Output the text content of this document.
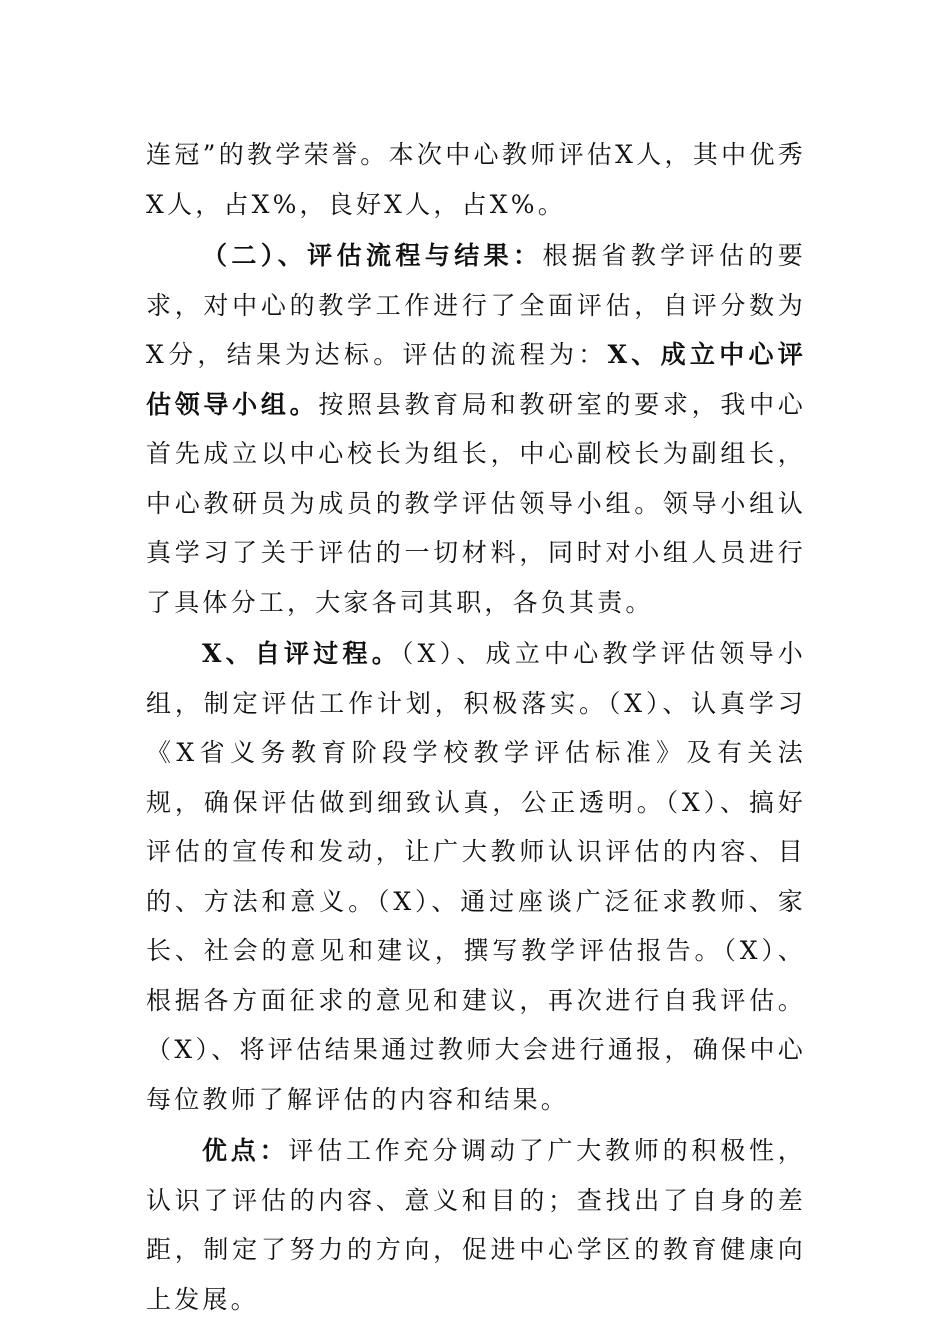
连冠”的教学荣誉。本次中心教师评估X人，其中优秀X人，占X%，良好X人，占X%。

（二）、评估流程与结果：根据省教学评估的要求，对中心的教学工作进行了全面评估，自评分数为X分，结果为达标。评估的流程为：X、成立中心评估领导小组。按照县教育局和教研室的要求，我中心首先成立以中心校长为组长，中心副校长为副组长，中心教研员为成员的教学评估领导小组。领导小组认真学习了关于评估的一切材料，同时对小组人员进行了具体分工，大家各司其职，各负其责。

X、自评过程。（X）、成立中心教学评估领导小组，制定评估工作计划，积极落实。（X）、认真学习《X省义务教育阶段学校教学评估标准》及有关法规，确保评估做到细致认真，公正透明。（X）、搞好评估的宣传和发动，让广大教师认识评估的内容、目的、方法和意义。（X）、通过座谈广泛征求教师、家长、社会的意见和建议，撰写教学评估报告。（X）、根据各方面征求的意见和建议，再次进行自我评估。（X）、将评估结果通过教师大会进行通报，确保中心每位教师了解评估的内容和结果。

优点：评估工作充分调动了广大教师的积极性，认识了评估的内容、意义和目的；查找出了自身的差距，制定了努力的方向，促进中心学区的教育健康向上发展。
